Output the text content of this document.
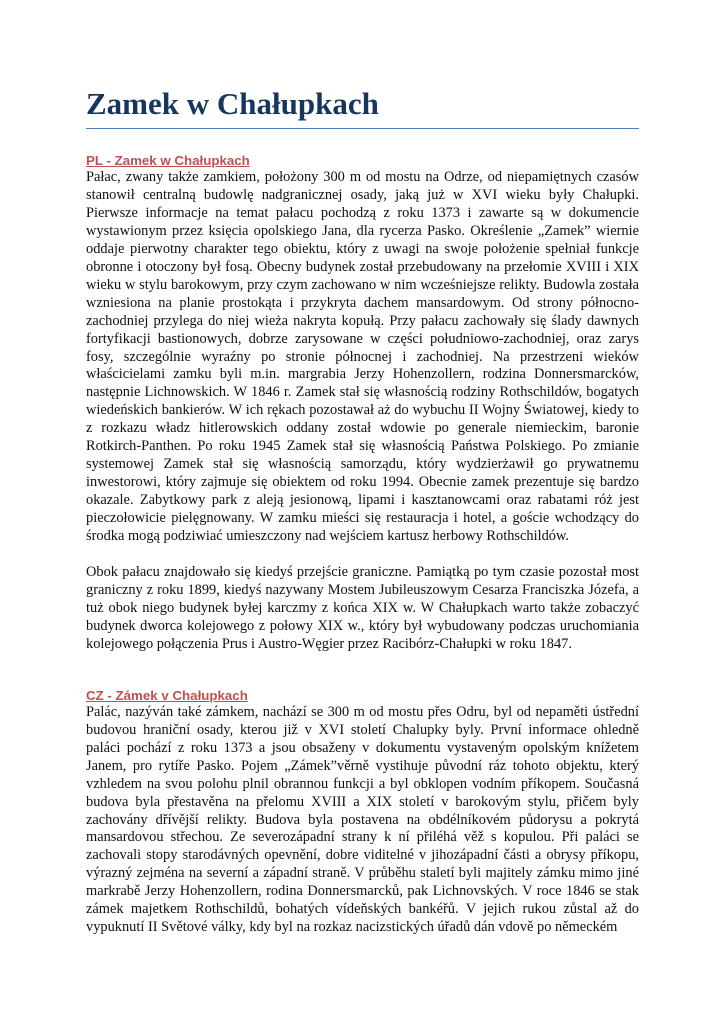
Zamek w Chałupkach
PL - Zamek w Chałupkach

Pałac, zwany także zamkiem, położony 300 m od mostu na Odrze, od niepamiętnych czasów stanowił centralną budowlę nadgranicznej osady, jaką już w XVI wieku były Chałupki. Pierwsze informacje na temat pałacu pochodzą z roku 1373 i zawarte są w dokumencie wystawionym przez księcia opolskiego Jana, dla rycerza Pasko. Określenie „Zamek” wiernie oddaje pierwotny charakter tego obiektu, który z uwagi na swoje położenie spełniał funkcje obronne i otoczony był fosą. Obecny budynek został przebudowany na przełomie XVIII i XIX wieku w stylu barokowym, przy czym zachowano w nim wcześniejsze relikty. Budowla została wzniesiona na planie prostokąta i przykryta dachem mansardowym. Od strony północno-zachodniej przylega do niej wieża nakryta kopułą. Przy pałacu zachowały się ślady dawnych fortyfikacji bastionowych, dobrze zarysowane w części południowo-zachodniej, oraz zarys fosy, szczególnie wyraźny po stronie północnej i zachodniej. Na przestrzeni wieków właścicielami zamku byli m.in. margrabia Jerzy Hohenzollern, rodzina Donnersmarcków, następnie Lichnowskich. W 1846 r. Zamek stał się własnością rodziny Rothschildów, bogatych wiedeńskich bankierów. W ich rękach pozostawał aż do wybuchu II Wojny Światowej, kiedy to z rozkazu władz hitlerowskich oddany został wdowie po generale niemieckim, baronie Rotkirch-Panthen. Po roku 1945 Zamek stał się własnością Państwa Polskiego. Po zmianie systemowej Zamek stał się własnością samorządu, który wydzierżawił go prywatnemu inwestorowi, który zajmuje się obiektem od roku 1994. Obecnie zamek prezentuje się bardzo okazale. Zabytkowy park z aleją jesionową, lipami i kasztanowcami oraz rabatami róż jest pieczołowicie pielęgnowany. W zamku mieści się restauracja i hotel, a goście wchodzący do środka mogą podziwiać umieszczony nad wejściem kartusz herbowy Rothschildów.

Obok pałacu znajdowało się kiedyś przejście graniczne. Pamiątką po tym czasie pozostał most graniczny z roku 1899, kiedyś nazywany Mostem Jubileuszowym Cesarza Franciszka Józefa, a tuż obok niego budynek byłej karczmy z końca XIX w. W Chałupkach warto także zobaczyć budynek dworca kolejowego z połowy XIX w., który był wybudowany podczas uruchomiania kolejowego połączenia Prus i Austro-Węgier przez Racibórz-Chałupki w roku 1847.

CZ - Zámek v Chałupkach

Palác, nazýván také zámkem, nachází se 300 m od mostu přes Odru, byl od nepaměti ústřední budovou hraniční osady, kterou již v XVI století Chalupky byly. První informace ohledně paláci pochází z roku 1373 a jsou obsaženy v dokumentu vystaveným opolským knížetem Janem, pro rytíře Pasko. Pojem „Zámek”věrně vystihuje původní ráz tohoto objektu, který vzhledem na svou polohu plnil obrannou funkcji a byl obklopen vodním příkopem. Současná budova byla přestavěna na přelomu XVIII a XIX století v barokovým stylu, přičem byly zachovány dřívější relikty. Budova byla postavena na obdélníkovém půdorysu a pokrytá mansardovou střechou. Ze severozápadní strany k ní přiléhá věž s kopulou. Při paláci se zachovali stopy starodávných opevnění, dobre viditelné v jihozápadní části a obrysy příkopu, výrazný zejména na severní a západní straně. V průběhu staletí byli majitely zámku mimo jiné markrabě Jerzy Hohenzollern, rodina Donnersmarcků, pak Lichnovských. V roce 1846 se stak zámek majetkem Rothschildů, bohatých vídeňských bankéřů. V jejich rukou zůstal až do vypuknutí II Světové války, kdy byl na rozkaz nacizstických úřadů dán vdově po německém
